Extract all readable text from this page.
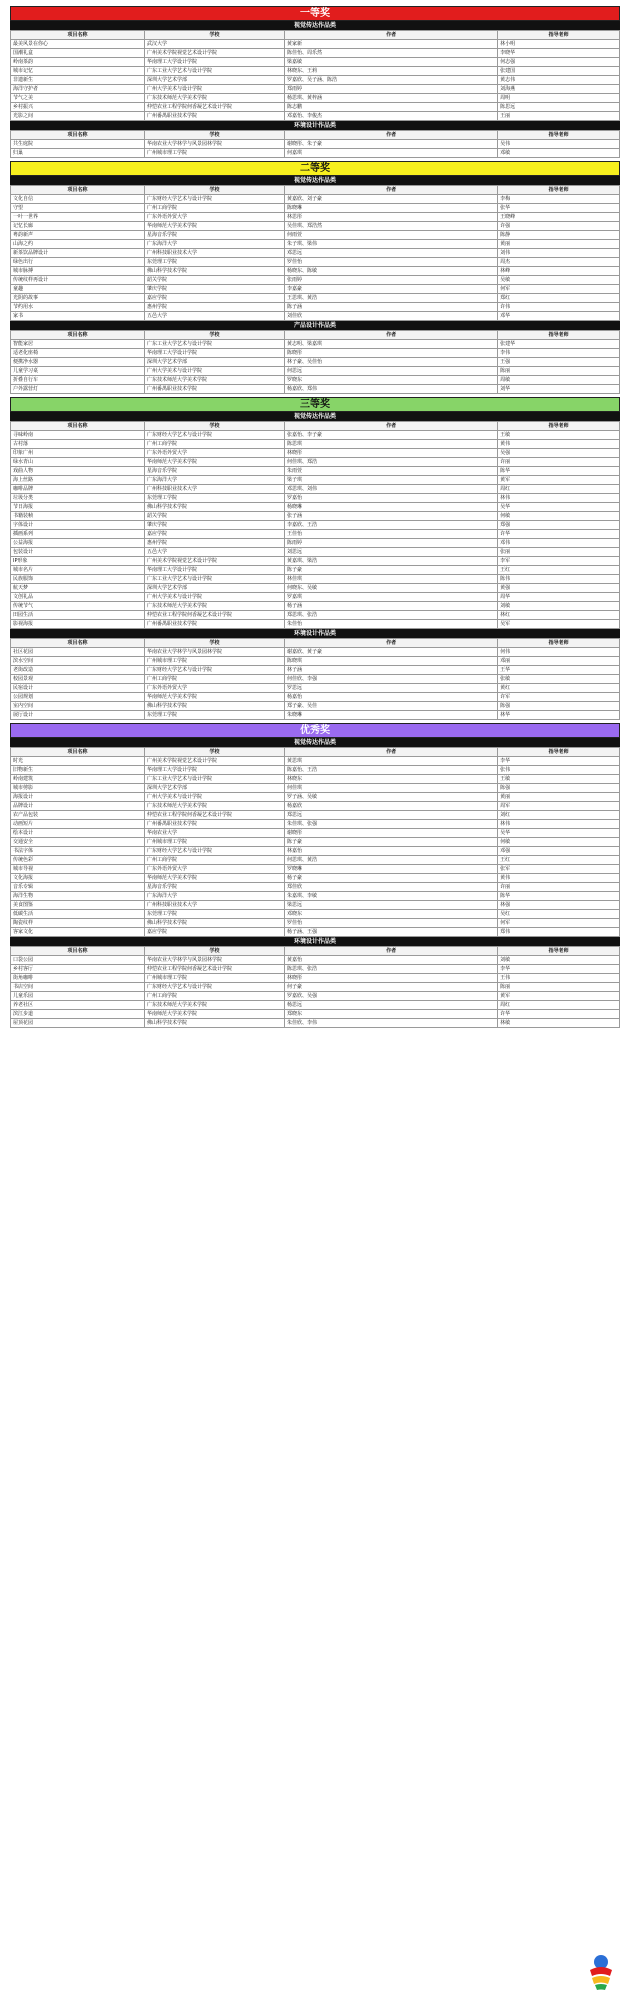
一等奖
视觉传达作品类
项目名称	学校	作者	指导老师
最美风景在你心	武汉大学	黄家新	林小明
国潮礼盒	广州美术学院视觉艺术设计学院	陈佳怡、周乐然	李晓华
岭南茶韵	华南理工大学设计学院	梁嘉敏	何志强
城市记忆	广东工业大学艺术与设计学院	林晓东、王莉	张建国
非遗新生	深圳大学艺术学部	罗嘉欣、吴子涵、陈浩	黄志伟
海洋守护者	广州大学美术与设计学院	郑雨婷	刘海燕
节气之美	广东技术师范大学美术学院	杨思琪、黄梓涵	周明
乡村振兴	仲恺农业工程学院何香凝艺术设计学院	陈志鹏	陈思远
光影之间	广州番禺职业技术学院	邓嘉怡、李俊杰	王丽
环境设计作品类
项目名称	学校	作者	指导老师
共生庭院	华南农业大学林学与风景园林学院	谢晓彤、朱子豪	吴伟
归巢	广州城市理工学院	何嘉琪	邓敏
二等奖
视觉传达作品类
项目名称	学校	作者	指导老师
文化自信	广东财经大学艺术与设计学院	黄嘉欣、刘子豪	李梅
守望	广州工商学院	陈晓琳	张华
一叶一世界	广东外语外贸大学	林思彤	王晓峰
记忆长廊	华南师范大学美术学院	吴佳琪、郑浩然	许强
粤韵新声	星海音乐学院	何雨萱	陈静
山海之约	广东海洋大学	朱子琪、梁伟	黄丽
新茶饮品牌设计	广州科技职业技术大学	邓思远	刘伟
绿色出行	东莞理工学院	罗佳怡	周杰
城市脉搏	佛山科学技术学院	杨晓东、陈敏	林峰
传统纹样再设计	韶关学院	张雨婷	吴敏
童趣	肇庆学院	李嘉豪	何军
光阴的故事	嘉应学院	王思琪、黄浩	郑红
节约用水	惠州学院	陈子涵	许伟
家书	五邑大学	刘佳欣	邓华
产品设计作品类
项目名称	学校	作者	指导老师
智能家居	广东工业大学艺术与设计学院	黄志明、梁嘉琪	张建华
适老化座椅	华南理工大学设计学院	陈晓彤	李伟
便携净水器	深圳大学艺术学部	林子豪、吴佳怡	王强
儿童学习桌	广州大学美术与设计学院	何思远	陈丽
折叠自行车	广东技术师范大学美术学院	罗晓东	周敏
户外露营灯	广州番禺职业技术学院	杨嘉欣、郑伟	刘华
三等奖
视觉传达作品类
项目名称	学校	作者	指导老师
寻味岭南	广东财经大学艺术与设计学院	张嘉怡、李子豪	王敏
古村落	广州工商学院	陈思琪	黄伟
印象广州	广东外语外贸大学	林晓彤	吴强
绿水青山	华南师范大学美术学院	何佳琪、郑浩	许丽
戏曲人物	星海音乐学院	朱雨萱	陈华
海上丝路	广东海洋大学	梁子琪	黄军
咖啡品牌	广州科技职业技术大学	邓思琪、刘伟	周红
垃圾分类	东莞理工学院	罗嘉怡	林伟
节日海报	佛山科学技术学院	杨晓琳	吴华
书籍装帧	韶关学院	张子涵	何敏
字体设计	肇庆学院	李嘉欣、王浩	郑强
插画系列	嘉应学院	王佳怡	许华
公益海报	惠州学院	陈雨婷	邓伟
包装设计	五邑大学	刘思远	张丽
IP形象	广州美术学院视觉艺术设计学院	黄嘉琪、梁浩	李军
城市名片	华南理工大学设计学院	陈子豪	王红
民族服饰	广东工业大学艺术与设计学院	林佳琪	陈伟
航天梦	深圳大学艺术学部	何晓东、吴敏	黄强
文创礼品	广州大学美术与设计学院	罗嘉琪	周华
传统节气	广东技术师范大学美术学院	杨子涵	刘敏
田园生活	仲恺农业工程学院何香凝艺术设计学院	郑思琪、张浩	林红
影视海报	广州番禺职业技术学院	朱佳怡	吴军
环境设计作品类
项目名称	学校	作者	指导老师
社区花园	华南农业大学林学与风景园林学院	谢嘉欣、黄子豪	何伟
滨水空间	广州城市理工学院	陈晓琪	邓丽
老街改造	广东财经大学艺术与设计学院	林子涵	王华
校园景观	广州工商学院	何佳欣、李强	张敏
民宿设计	广东外语外贸大学	罗思远	黄红
公园规划	华南师范大学美术学院	杨嘉怡	许军
室内空间	佛山科学技术学院	郑子豪、吴佳	陈强
展厅设计	东莞理工学院	朱晓琳	林华
优秀奖
视觉传达作品类
项目名称	学校	作者	指导老师
时光	广州美术学院视觉艺术设计学院	黄思琪	李华
旧物新生	华南理工大学设计学院	陈嘉怡、王浩	张伟
岭南建筑	广东工业大学艺术与设计学院	林晓东	王敏
城市剪影	深圳大学艺术学部	何佳琪	陈强
海报设计	广州大学美术与设计学院	罗子涵、吴敏	黄丽
品牌设计	广东技术师范大学美术学院	杨嘉欣	周军
农产品包装	仲恺农业工程学院何香凝艺术设计学院	郑思远	刘红
动画短片	广州番禺职业技术学院	朱佳琪、张强	林伟
绘本设计	华南农业大学	谢晓彤	吴华
交通安全	广州城市理工学院	陈子豪	何敏
书法字体	广东财经大学艺术与设计学院	林嘉怡	邓强
传统色彩	广州工商学院	何思琪、黄浩	王红
城市导视	广东外语外贸大学	罗晓琳	张军
文化海报	华南师范大学美术学院	杨子豪	黄伟
音乐专辑	星海音乐学院	郑佳欣	许丽
海洋生物	广东海洋大学	朱嘉琪、李敏	陈华
美食图鉴	广州科技职业技术大学	梁思远	林强
低碳生活	东莞理工学院	邓晓东	吴红
陶瓷纹样	佛山科学技术学院	罗佳怡	何军
客家文化	嘉应学院	杨子涵、王强	郑伟
环境设计作品类
项目名称	学校	作者	指导老师
口袋公园	华南农业大学林学与风景园林学院	黄嘉怡	刘敏
乡村客厅	仲恺农业工程学院何香凝艺术设计学院	陈思琪、张浩	李华
街角咖啡	广州城市理工学院	林晓彤	王伟
书店空间	广东财经大学艺术与设计学院	何子豪	陈丽
儿童乐园	广州工商学院	罗嘉欣、吴强	黄军
养老社区	广东技术师范大学美术学院	杨思远	周红
滨江步道	华南师范大学美术学院	郑晓东	许华
屋顶花园	佛山科学技术学院	朱佳欣、李伟	林敏
